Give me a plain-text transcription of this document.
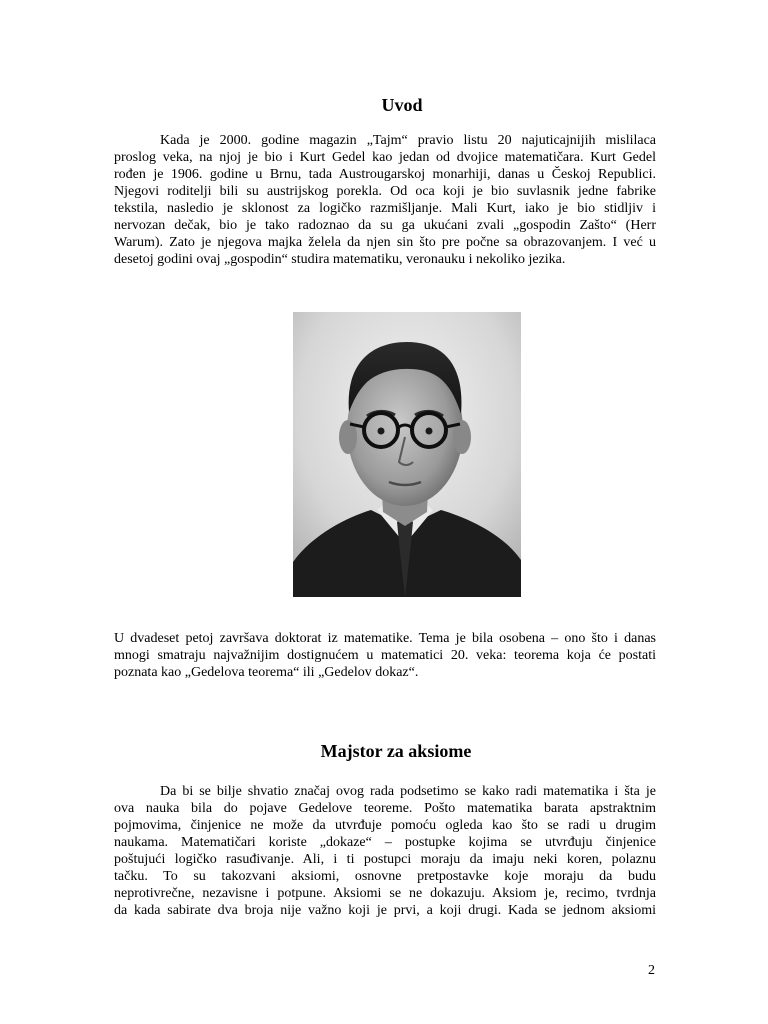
Uvod
Kada je 2000. godine magazin „Tajm“ pravio listu 20 najuticajnijih mislilaca
proslog veka, na njoj je bio i Kurt Gedel kao jedan od dvojice matematičara. Kurt Gedel
rođen je 1906. godine u Brnu, tada Austrougarskoj monarhiji, danas u Českoj Republici.
Njegovi roditelji bili su austrijskog porekla. Od oca koji je bio suvlasnik jedne fabrike
tekstila, nasledio je sklonost za logičko razmišljanje. Mali Kurt, iako je bio stidljiv i
nervozan dečak, bio je tako radoznao da su ga ukućani zvali „gospodin Zašto“ (Herr
Warum). Zato je njegova majka želela da njen sin što pre počne sa obrazovanjem. I već u
desetoj godini ovaj „gospodin“ studira matematiku, veronauku i nekoliko jezika.
U dvadeset petoj završava doktorat iz matematike. Tema je bila osobena – ono što i danas
mnogi smatraju najvažnijim dostignućem u matematici 20. veka: teorema koja će postati
poznata kao „Gedelova teorema“ ili „Gedelov dokaz“.
Majstor za aksiome
Da bi se bilje shvatio značaj ovog rada podsetimo se kako radi matematika i šta je
ova nauka bila do pojave Gedelove teoreme. Pošto matematika barata apstraktnim
pojmovima, činjenice ne može da utvrđuje pomoću ogleda kao što se radi u drugim
naukama. Matematičari koriste „dokaze“ – postupke kojima se utvrđuju činjenice
poštujući logičko rasuđivanje. Ali, i ti postupci moraju da imaju neki koren, polaznu
tačku. To su takozvani aksiomi, osnovne pretpostavke koje moraju da budu
neprotivrečne, nezavisne i potpune. Aksiomi se ne dokazuju. Aksiom je, recimo, tvrdnja
da kada sabirate dva broja nije važno koji je prvi, a koji drugi. Kada se jednom aksiomi
2
